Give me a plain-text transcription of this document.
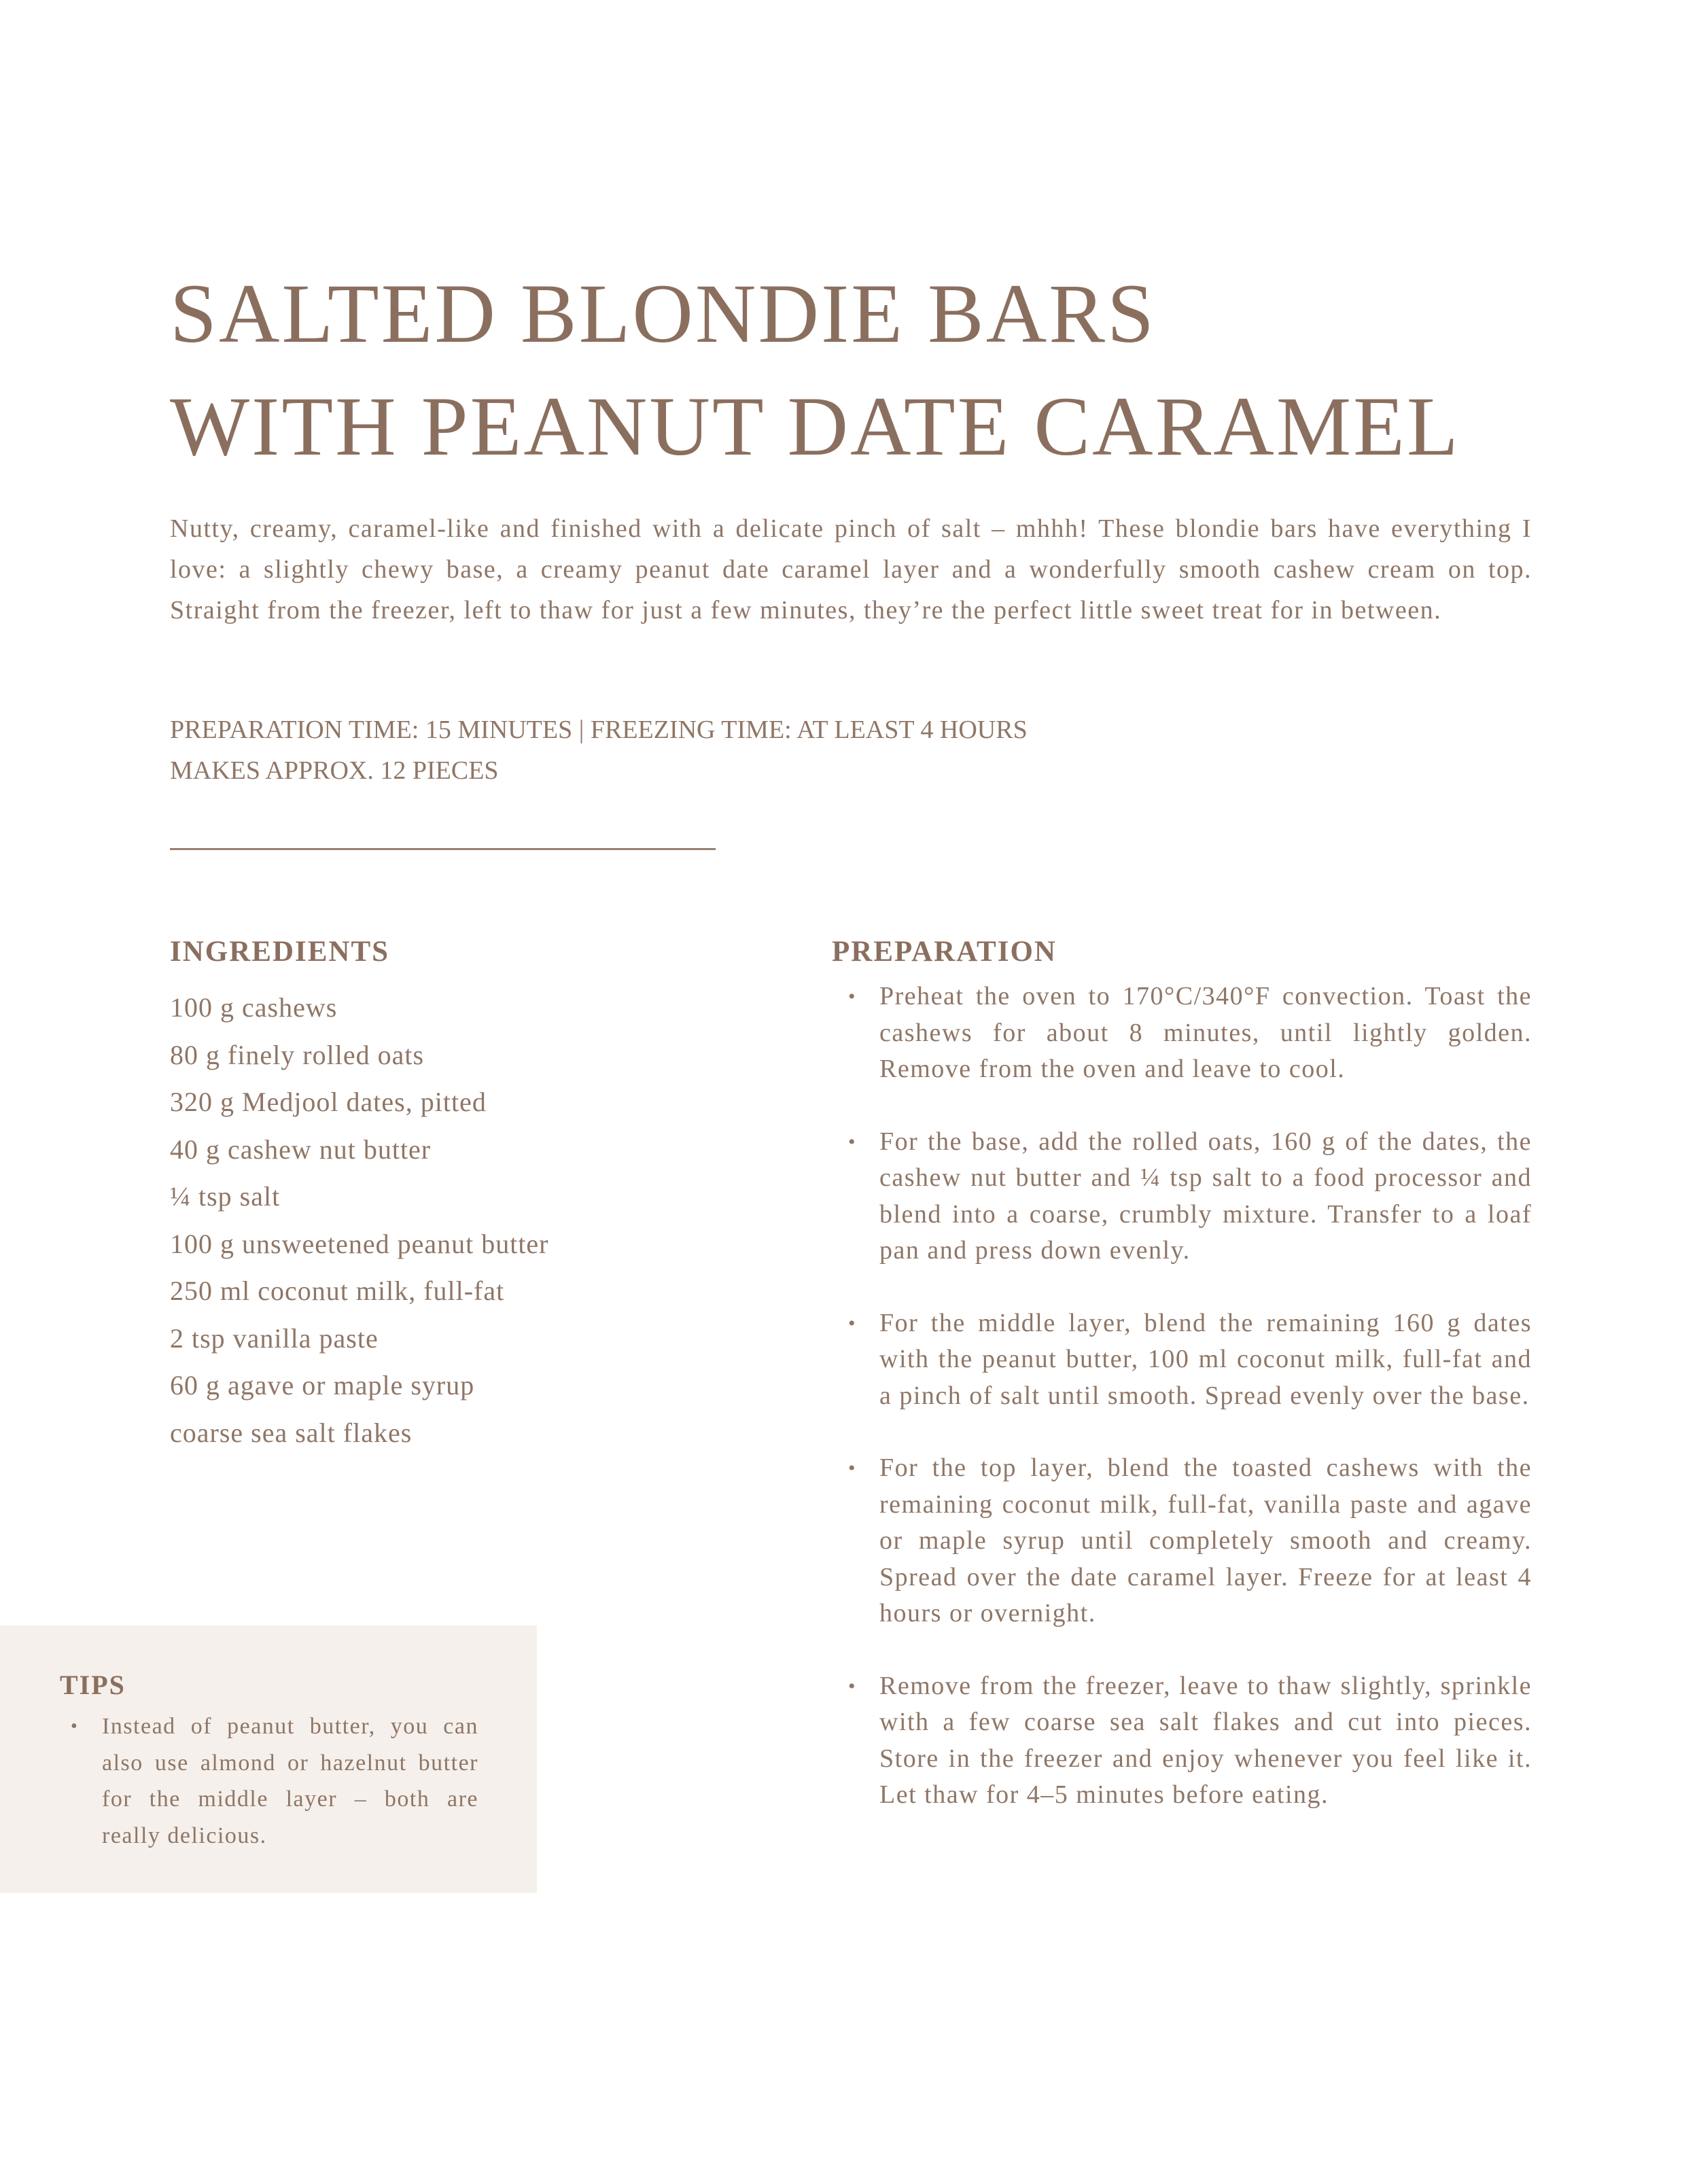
SALTED BLONDIE BARS
WITH PEANUT DATE CARAMEL

Nutty, creamy, caramel-like and finished with a delicate pinch of salt – mhhh! These blondie bars have everything I love: a slightly chewy base, a creamy peanut date caramel layer and a wonderfully smooth cashew cream on top. Straight from the freezer, left to thaw for just a few minutes, they’re the perfect little sweet treat for in between.

PREPARATION TIME: 15 MINUTES | FREEZING TIME: AT LEAST 4 HOURS

MAKES APPROX. 12 PIECES

INGREDIENTS
100 g cashews
80 g finely rolled oats
320 g Medjool dates, pitted
40 g cashew nut butter
¼ tsp salt
100 g unsweetened peanut butter
250 ml coconut milk, full-fat
2 tsp vanilla paste
60 g agave or maple syrup
coarse sea salt flakes
PREPARATION
• Preheat the oven to 170°C/340°F convection. Toast the cashews for about 8 minutes, until lightly golden. Remove from the oven and leave to cool.
• For the base, add the rolled oats, 160 g of the dates, the cashew nut butter and ¼ tsp salt to a food processor and blend into a coarse, crumbly mixture. Transfer to a loaf pan and press down evenly.
• For the middle layer, blend the remaining 160 g dates with the peanut butter, 100 ml coconut milk, full-fat and a pinch of salt until smooth. Spread evenly over the base.
• For the top layer, blend the toasted cashews with the remaining coconut milk, full-fat, vanilla paste and agave or maple syrup until completely smooth and creamy. Spread over the date caramel layer. Freeze for at least 4 hours or overnight.
• Remove from the freezer, leave to thaw slightly, sprinkle with a few coarse sea salt flakes and cut into pieces. Store in the freezer and enjoy whenever you feel like it. Let thaw for 4–5 minutes before eating.
TIPS
• Instead of peanut butter, you can also use almond or hazelnut butter for the middle layer – both are really delicious.
